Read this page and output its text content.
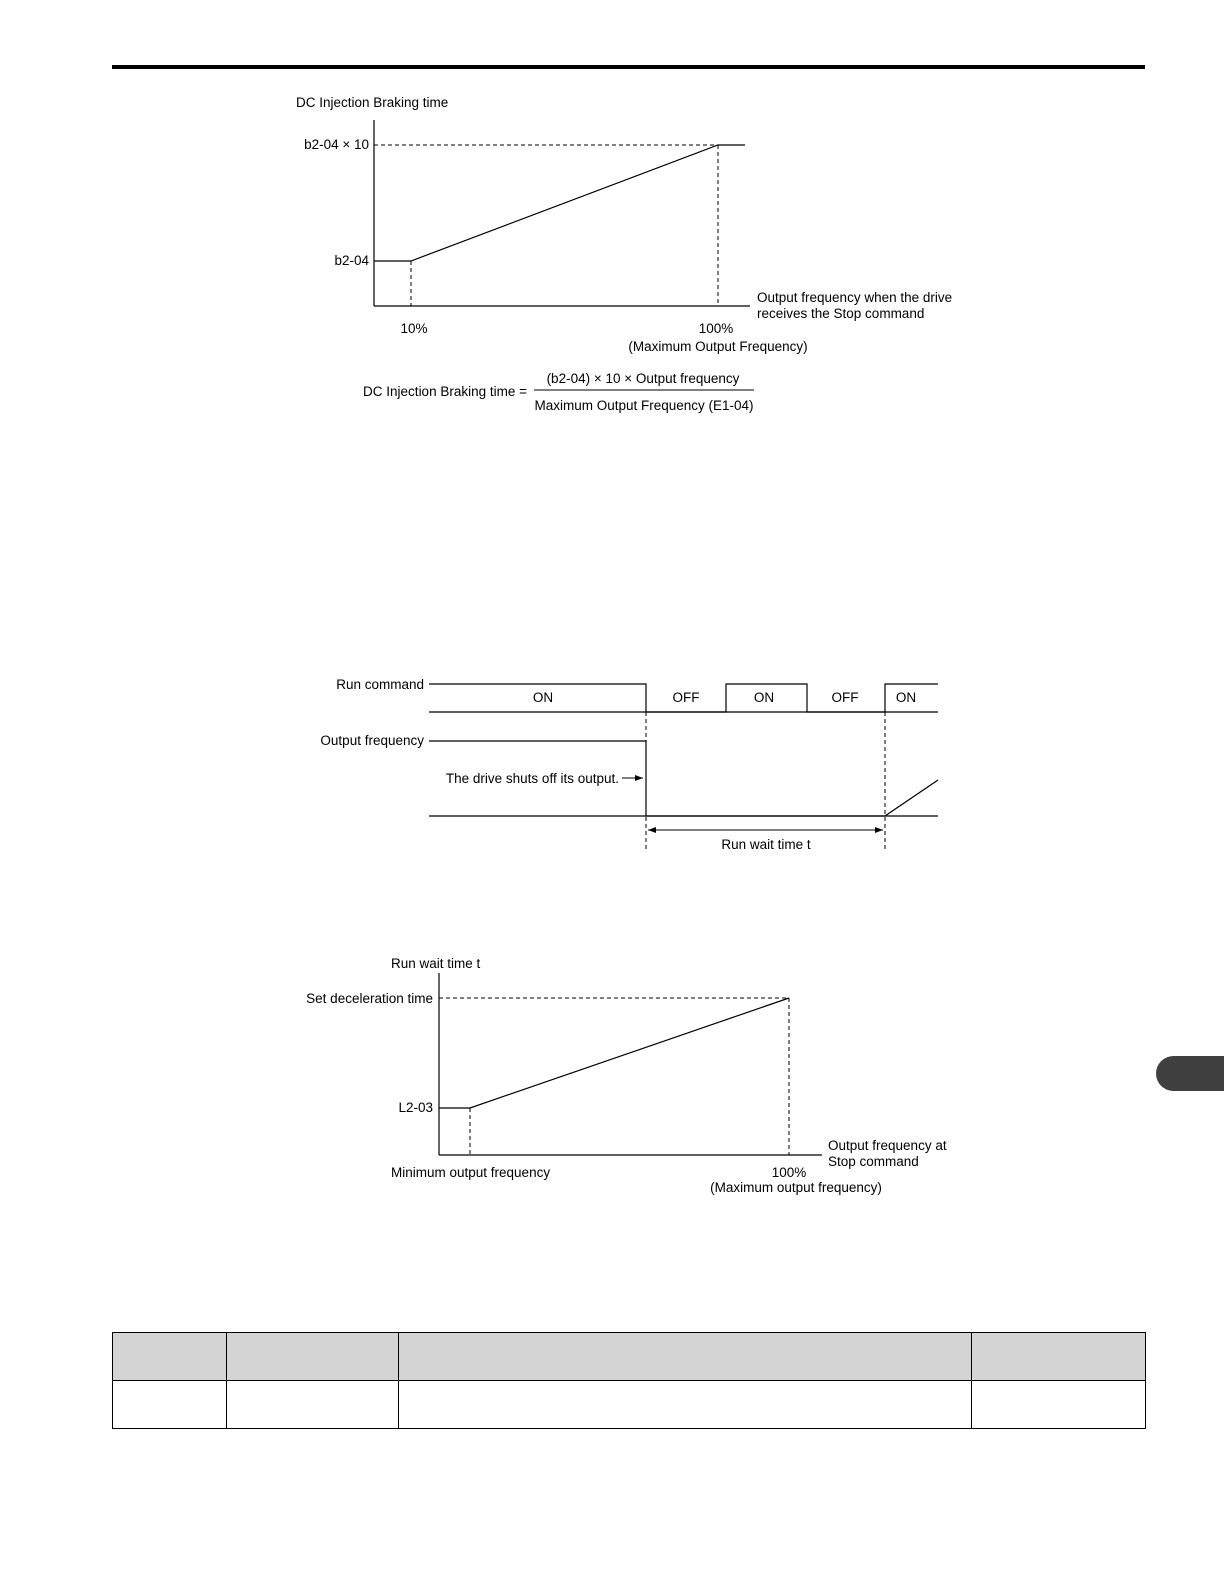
DC Injection Braking time
b2-04 × 10
b2-04
10%	100%
(Maximum Output Frequency)
Output frequency when the drive
receives the Stop command
DC Injection Braking time =
(b2-04) × 10 × Output frequency
Maximum Output Frequency (E1-04)
Run command
Output frequency
ON	OFF	ON	OFF	ON
The drive shuts off its output.
Run wait time t
Run wait time t
Set deceleration time
L2-03
Minimum output frequency	100%
(Maximum output frequency)
Output frequency at
Stop command
